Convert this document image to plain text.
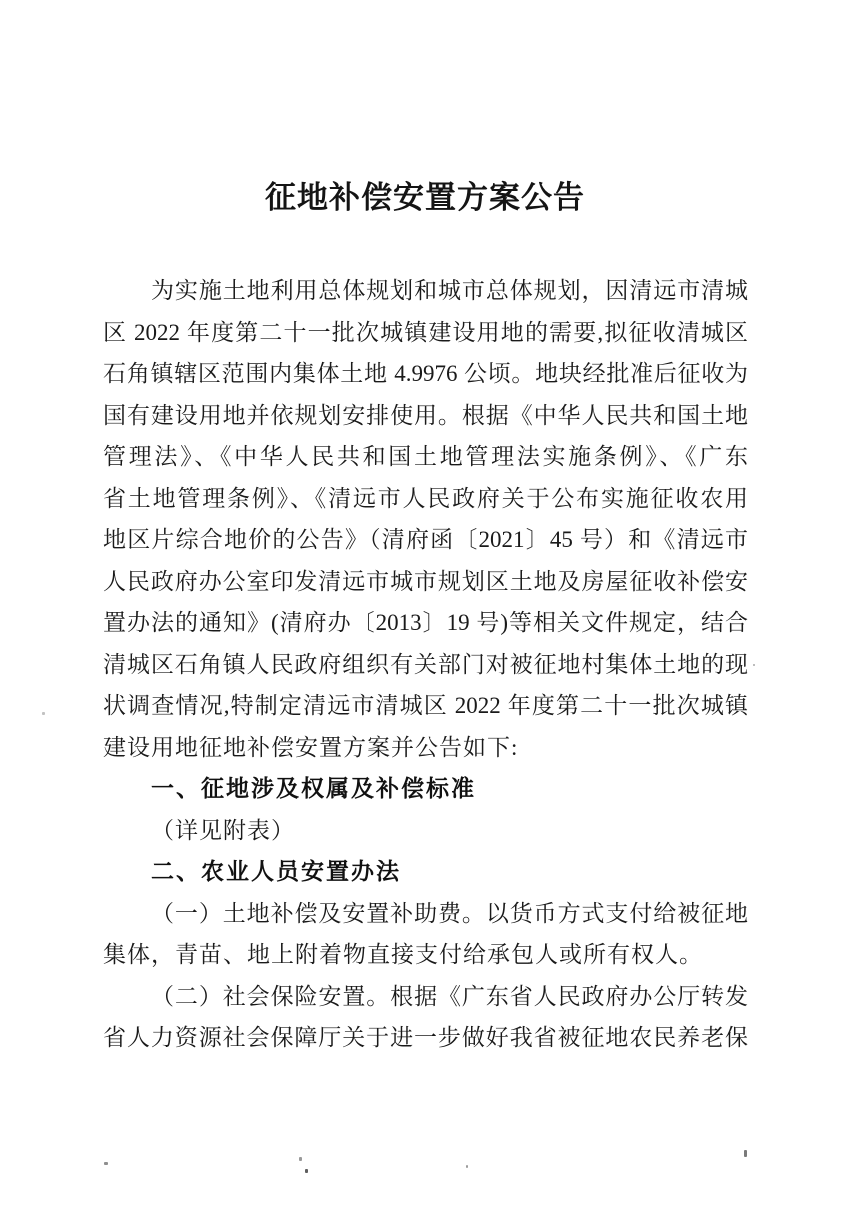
征地补偿安置方案公告

为实施土地利用总体规划和城市总体规划，因清远市清城

区 2022 年度第二十一批次城镇建设用地的需要,拟征收清城区

石角镇辖区范围内集体土地 4.9976 公顷。地块经批准后征收为

国有建设用地并依规划安排使用。根据《中华人民共和国土地

管理法》、《中华人民共和国土地管理法实施条例》、《广东

省土地管理条例》、《清远市人民政府关于公布实施征收农用

地区片综合地价的公告》（清府函〔2021〕45 号）和《清远市

人民政府办公室印发清远市城市规划区土地及房屋征收补偿安

置办法的通知》(清府办〔2013〕19 号)等相关文件规定，结合

清城区石角镇人民政府组织有关部门对被征地村集体土地的现

状调查情况,特制定清远市清城区 2022 年度第二十一批次城镇

建设用地征地补偿安置方案并公告如下:

一、征地涉及权属及补偿标准

（详见附表）

二、农业人员安置办法

（一）土地补偿及安置补助费。以货币方式支付给被征地

集体，青苗、地上附着物直接支付给承包人或所有权人。

（二）社会保险安置。根据《广东省人民政府办公厅转发

省人力资源社会保障厅关于进一步做好我省被征地农民养老保
